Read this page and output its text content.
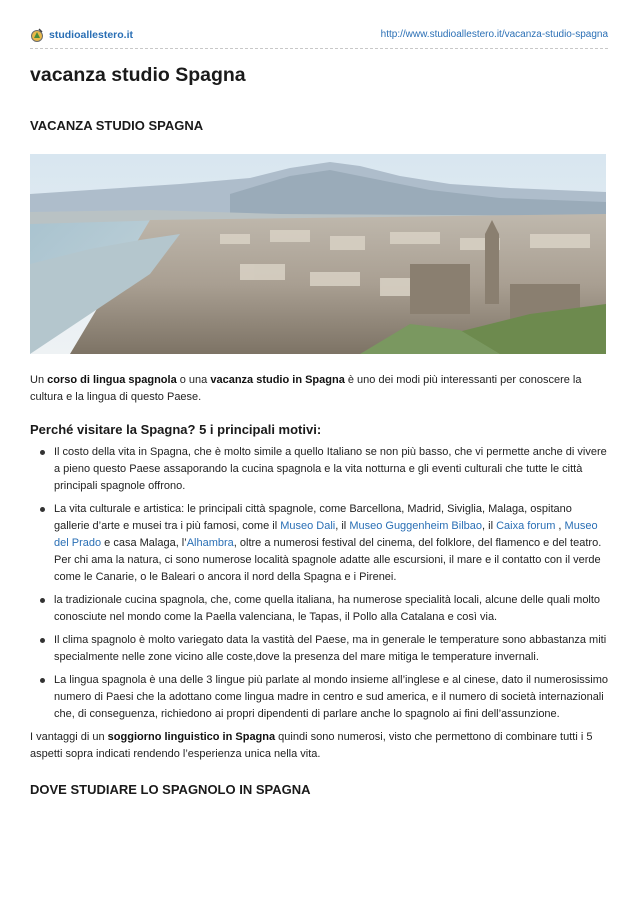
studioallestero.it	http://www.studioallestero.it/vacanza-studio-spagna
vacanza studio Spagna
VACANZA STUDIO SPAGNA

Un corso di lingua spagnola o una vacanza studio in Spagna è uno dei modi più interessanti per conoscere la cultura e la lingua di questo Paese.

Perché visitare la Spagna? 5 i principali motivi:
Il costo della vita in Spagna, che è molto simile a quello Italiano se non più basso, che vi permette anche di vivere a pieno questo Paese assaporando la cucina spagnola e la vita notturna e gli eventi culturali che tutte le città principali spagnole offrono.
La vita culturale e artistica: le principali città spagnole, come Barcellona, Madrid, Siviglia, Malaga, ospitano gallerie d’arte e musei tra i più famosi, come il Museo Dali, il Museo Guggenheim Bilbao, il Caixa forum , Museo del Prado e casa Malaga, l’Alhambra, oltre a numerosi festival del cinema, del folklore, del flamenco e del teatro. Per chi ama la natura, ci sono numerose località spagnole adatte alle escursioni, il mare e il contatto con il verde come le Canarie, o le Baleari o ancora il nord della Spagna e i Pirenei.
la tradizionale cucina spagnola, che, come quella italiana, ha numerose specialità locali, alcune delle quali molto conosciute nel mondo come la Paella valenciana, le Tapas, il Pollo alla Catalana e così via.
Il clima spagnolo è molto variegato data la vastità del Paese, ma in generale le temperature sono abbastanza miti specialmente nelle zone vicino alle coste,dove la presenza del mare mitiga le temperature invernali.
La lingua spagnola è una delle 3 lingue più parlate al mondo insieme all’inglese e al cinese, dato il numerosissimo numero di Paesi che la adottano come lingua madre in centro e sud america, e il numero di società internazionali che, di conseguenza, richiedono ai propri dipendenti di parlare anche lo spagnolo ai fini dell’assunzione.

I vantaggi di un soggiorno linguistico in Spagna quindi sono numerosi, visto che permettono di combinare tutti i 5 aspetti sopra indicati rendendo l’esperienza unica nella vita.

DOVE STUDIARE LO SPAGNOLO IN SPAGNA
